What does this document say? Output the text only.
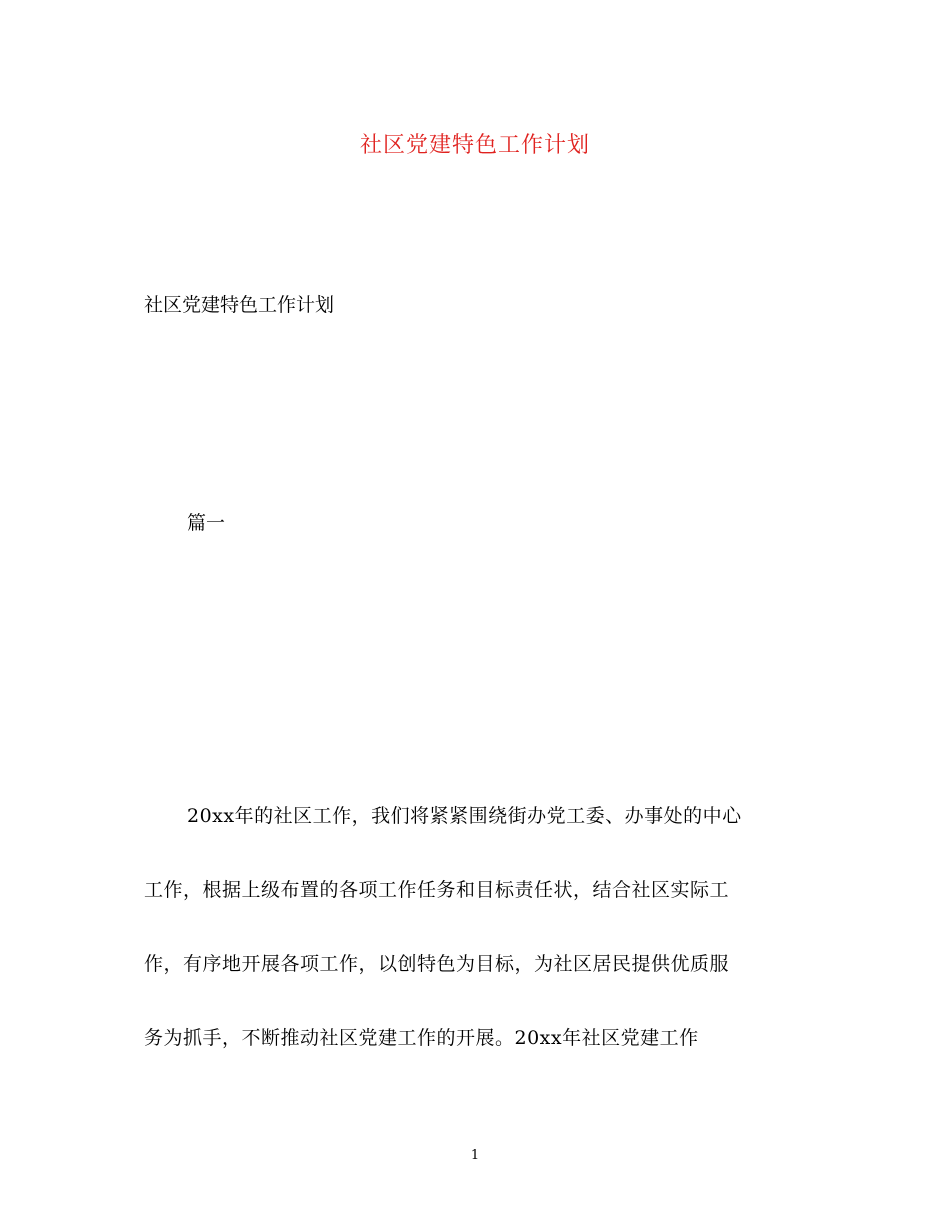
社区党建特色工作计划

社区党建特色工作计划

篇一

20xx年的社区工作，我们将紧紧围绕街办党工委、办事处的中心
工作，根据上级布置的各项工作任务和目标责任状，结合社区实际工
作，有序地开展各项工作，以创特色为目标，为社区居民提供优质服
务为抓手，不断推动社区党建工作的开展。20xx年社区党建工作
1
